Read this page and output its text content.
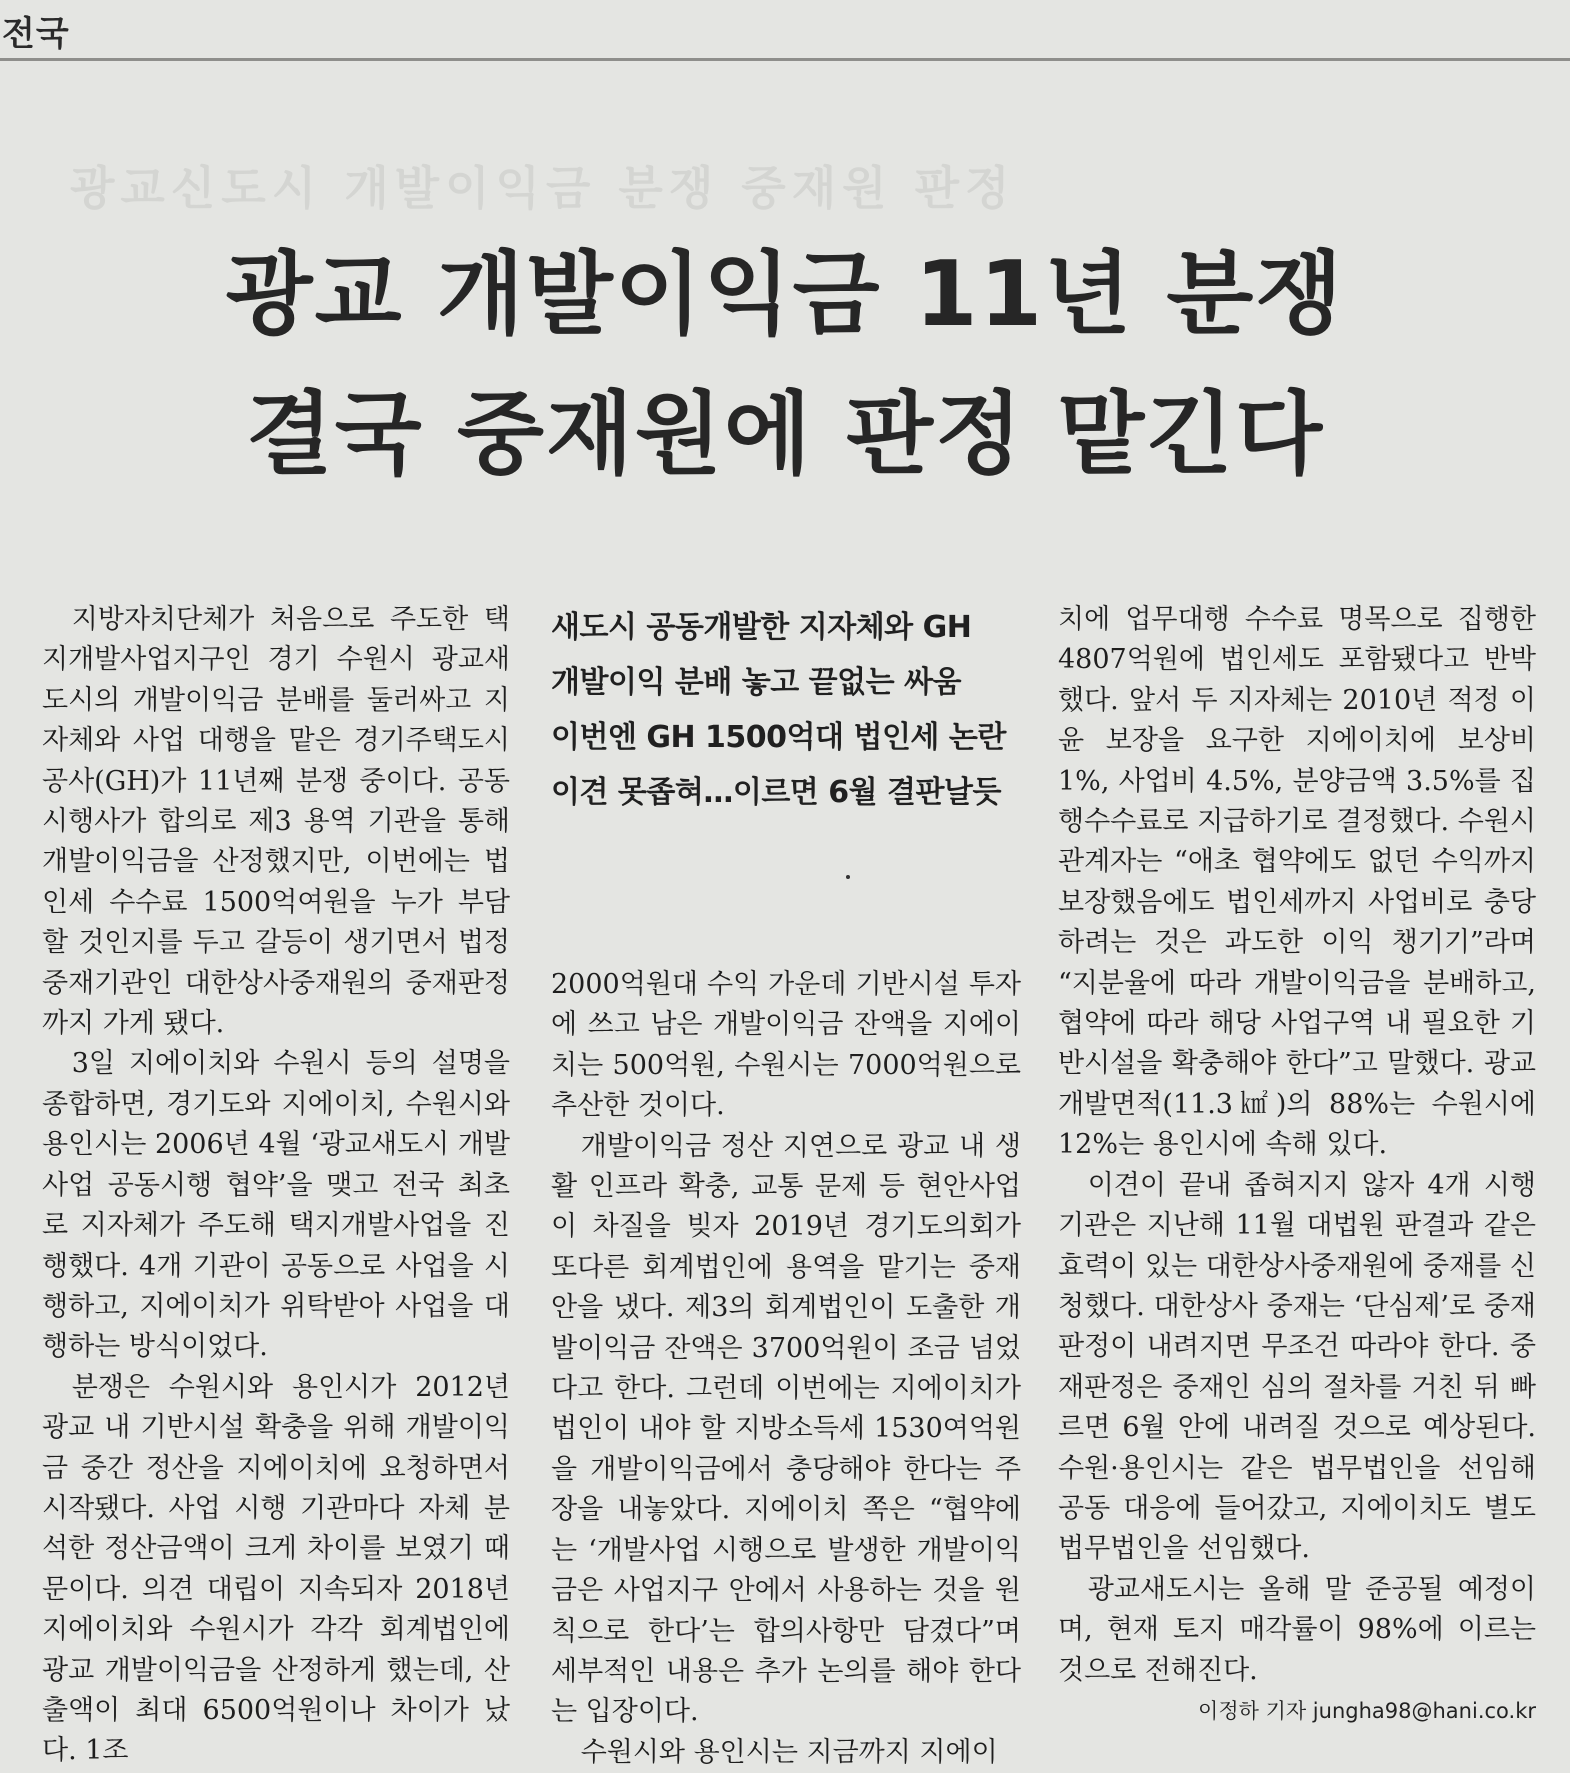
전국
광교신도시 개발이익금 분쟁 중재원 판정
광교 개발이익금 11년 분쟁
결국 중재원에 판정 맡긴다

지방자치단체가 처음으로 주도한 택지개발사업지구인 경기 수원시 광교새도시의 개발이익금 분배를 둘러싸고 지자체와 사업 대행을 맡은 경기주택도시공사(GH)가 11년째 분쟁 중이다. 공동시행사가 합의로 제3 용역 기관을 통해 개발이익금을 산정했지만, 이번에는 법인세 수수료 1500억여원을 누가 부담할 것인지를 두고 갈등이 생기면서 법정 중재기관인 대한상사중재원의 중재판정까지 가게 됐다.

3일 지에이치와 수원시 등의 설명을 종합하면, 경기도와 지에이치, 수원시와 용인시는 2006년 4월 ‘광교새도시 개발사업 공동시행 협약’을 맺고 전국 최초로 지자체가 주도해 택지개발사업을 진행했다. 4개 기관이 공동으로 사업을 시행하고, 지에이치가 위탁받아 사업을 대행하는 방식이었다.

분쟁은 수원시와 용인시가 2012년 광교 내 기반시설 확충을 위해 개발이익금 중간 정산을 지에이치에 요청하면서 시작됐다. 사업 시행 기관마다 자체 분석한 정산금액이 크게 차이를 보였기 때문이다. 의견 대립이 지속되자 2018년 지에이치와 수원시가 각각 회계법인에 광교 개발이익금을 산정하게 했는데, 산출액이 최대 6500억원이나 차이가 났다. 1조

새도시 공동개발한 지자체와 GH
개발이익 분배 놓고 끝없는 싸움
이번엔 GH 1500억대 법인세 논란
이견 못좁혀…이르면 6월 결판날듯

2000억원대 수익 가운데 기반시설 투자에 쓰고 남은 개발이익금 잔액을 지에이치는 500억원, 수원시는 7000억원으로 추산한 것이다.

개발이익금 정산 지연으로 광교 내 생활 인프라 확충, 교통 문제 등 현안사업이 차질을 빚자 2019년 경기도의회가 또다른 회계법인에 용역을 맡기는 중재안을 냈다. 제3의 회계법인이 도출한 개발이익금 잔액은 3700억원이 조금 넘었다고 한다. 그런데 이번에는 지에이치가 법인이 내야 할 지방소득세 1530여억원을 개발이익금에서 충당해야 한다는 주장을 내놓았다. 지에이치 쪽은 “협약에는 ‘개발사업 시행으로 발생한 개발이익금은 사업지구 안에서 사용하는 것을 원칙으로 한다’는 합의사항만 담겼다”며 세부적인 내용은 추가 논의를 해야 한다는 입장이다.

수원시와 용인시는 지금까지 지에이

치에 업무대행 수수료 명목으로 집행한 4807억원에 법인세도 포함됐다고 반박했다. 앞서 두 지자체는 2010년 적정 이윤 보장을 요구한 지에이치에 보상비 1%, 사업비 4.5%, 분양금액 3.5%를 집행수수료로 지급하기로 결정했다. 수원시 관계자는 “애초 협약에도 없던 수익까지 보장했음에도 법인세까지 사업비로 충당하려는 것은 과도한 이익 챙기기”라며 “지분율에 따라 개발이익금을 분배하고, 협약에 따라 해당 사업구역 내 필요한 기반시설을 확충해야 한다”고 말했다. 광교 개발면적(11.3㎢)의 88%는 수원시에 12%는 용인시에 속해 있다.

이견이 끝내 좁혀지지 않자 4개 시행 기관은 지난해 11월 대법원 판결과 같은 효력이 있는 대한상사중재원에 중재를 신청했다. 대한상사 중재는 ‘단심제’로 중재판정이 내려지면 무조건 따라야 한다. 중재판정은 중재인 심의 절차를 거친 뒤 빠르면 6월 안에 내려질 것으로 예상된다. 수원·용인시는 같은 법무법인을 선임해 공동 대응에 들어갔고, 지에이치도 별도 법무법인을 선임했다.

광교새도시는 올해 말 준공될 예정이며, 현재 토지 매각률이 98%에 이르는 것으로 전해진다.

이정하 기자 jungha98@hani.co.kr
